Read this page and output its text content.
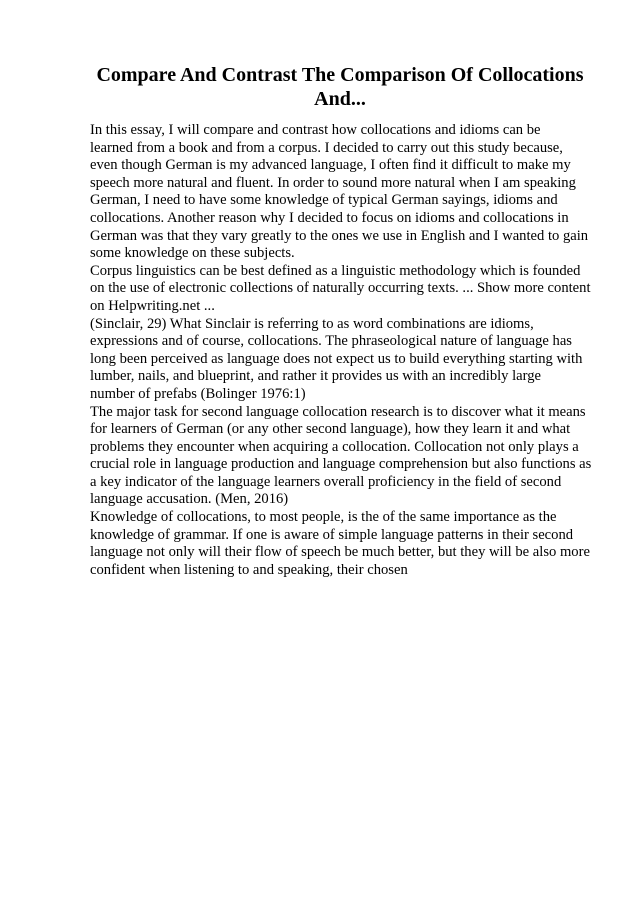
Compare And Contrast The Comparison Of Collocations
And...
In this essay, I will compare and contrast how collocations and idioms can be
learned from a book and from a corpus. I decided to carry out this study because,
even though German is my advanced language, I often find it difficult to make my
speech more natural and fluent. In order to sound more natural when I am speaking
German, I need to have some knowledge of typical German sayings, idioms and
collocations. Another reason why I decided to focus on idioms and collocations in
German was that they vary greatly to the ones we use in English and I wanted to gain
some knowledge on these subjects.
Corpus linguistics can be best defined as a linguistic methodology which is founded
on the use of electronic collections of naturally occurring texts. ... Show more content
on Helpwriting.net ...
(Sinclair, 29) What Sinclair is referring to as word combinations are idioms,
expressions and of course, collocations. The phraseological nature of language has
long been perceived as language does not expect us to build everything starting with
lumber, nails, and blueprint, and rather it provides us with an incredibly large
number of prefabs (Bolinger 1976:1)
The major task for second language collocation research is to discover what it means
for learners of German (or any other second language), how they learn it and what
problems they encounter when acquiring a collocation. Collocation not only plays a
crucial role in language production and language comprehension but also functions as
a key indicator of the language learners overall proficiency in the field of second
language accusation. (Men, 2016)
Knowledge of collocations, to most people, is the of the same importance as the
knowledge of grammar. If one is aware of simple language patterns in their second
language not only will their flow of speech be much better, but they will be also more
confident when listening to and speaking, their chosen
